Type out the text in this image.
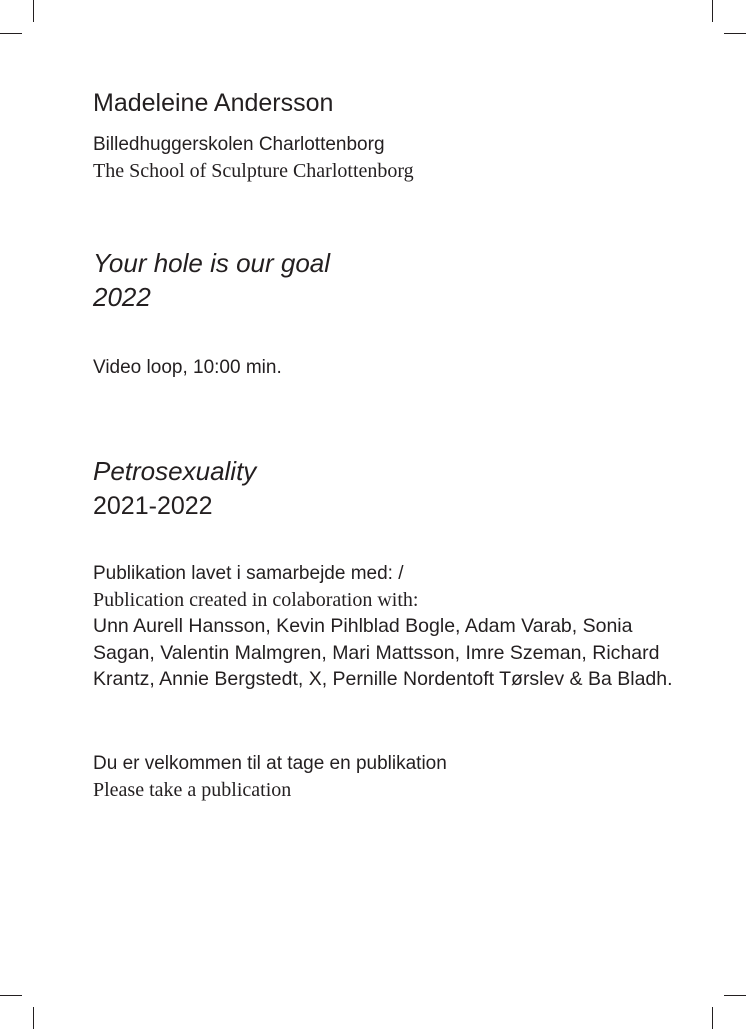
Madeleine Andersson
Billedhuggerskolen Charlottenborg
The School of Sculpture Charlottenborg
Your hole is our goal
2022
Video loop, 10:00 min.
Petrosexuality
2021-2022
Publikation lavet i samarbejde med: /
Publication created in colaboration with:
Unn Aurell Hansson, Kevin Pihlblad Bogle, Adam Varab, Sonia Sagan, Valentin Malmgren, Mari Mattsson, Imre Szeman, Richard Krantz, Annie Bergstedt, X, Pernille Nordentoft Tørslev & Ba Bladh.
Du er velkommen til at tage en publikation
Please take a publication
